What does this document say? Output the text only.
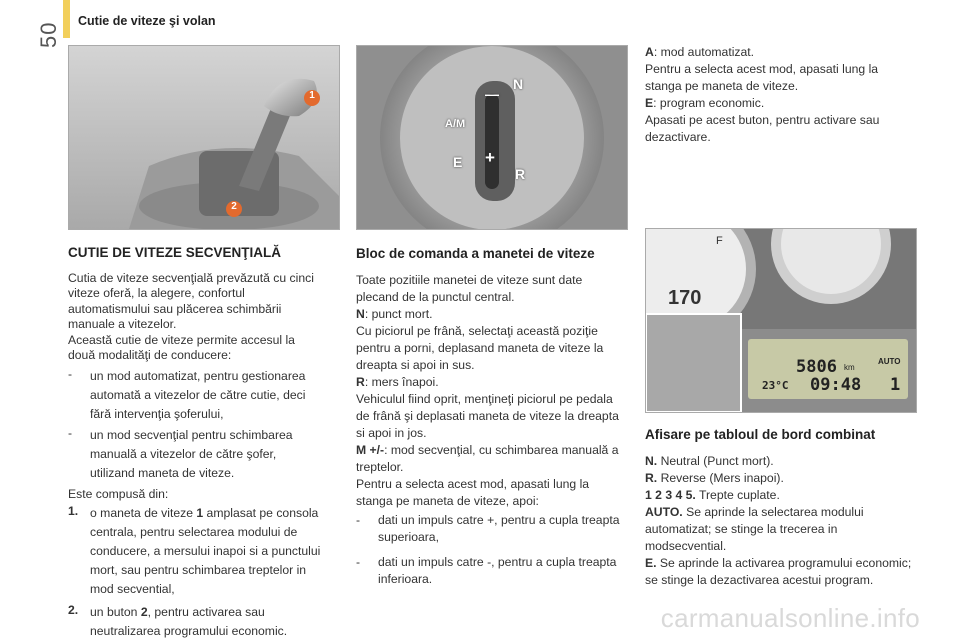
50
Cutie de viteze şi volan
1
2
N
—
A/M
E +
R
170
F
5806 km
AUTO
23°C 09:48 1
CUTIE DE VITEZE SECVENŢIALĂ

Cutia de viteze secvenţială prevăzută cu cinci viteze oferă, la alegere, confortul automatismului sau plăcerea schimbării manuale a vitezelor.

Această cutie de viteze permite accesul la două modalităţi de conducere:

-	un mod automatizat, pentru gestionarea automată a vitezelor de către cutie, deci fără intervenţia şoferului,
-	un mod secvenţial pentru schimbarea manuală a vitezelor de către şofer, utilizand maneta de viteze.

Este compusă din:

1. o maneta de viteze 1 amplasat pe consola centrala, pentru selectarea modului de conducere, a mersului inapoi si a punctului mort, sau pentru schimbarea treptelor in mod secvential,
2. un buton 2, pentru activarea sau neutralizarea programului economic.
Bloc de comanda a manetei de viteze

Toate pozitiile manetei de viteze sunt date plecand de la punctul central.

N: punct mort.

Cu piciorul pe frână, selectaţi această poziţie pentru a porni, deplasand maneta de viteze la dreapta si apoi in sus.

R: mers înapoi.

Vehiculul fiind oprit, menţineţi piciorul pe pedala de frână şi deplasati maneta de viteze la dreapta si apoi in jos.

M +/-: mod secvenţial, cu schimbarea manuală a treptelor.

Pentru a selecta acest mod, apasati lung la stanga pe maneta de viteze, apoi:

-	dati un impuls catre +, pentru a cupla treapta superioara,
-	dati un impuls catre -, pentru a cupla treapta inferioara.

A: mod automatizat.

Pentru a selecta acest mod, apasati lung la stanga pe maneta de viteze.

E: program economic.

Apasati pe acest buton, pentru activare sau dezactivare.

Afisare pe tabloul de bord combinat

N. Neutral (Punct mort).

R. Reverse (Mers inapoi).

1 2 3 4 5. Trepte cuplate.

AUTO. Se aprinde la selectarea modului automatizat; se stinge la trecerea in modsecvential.

E. Se aprinde la activarea programului economic; se stinge la dezactivarea acestui program.

carmanualsonline.info
